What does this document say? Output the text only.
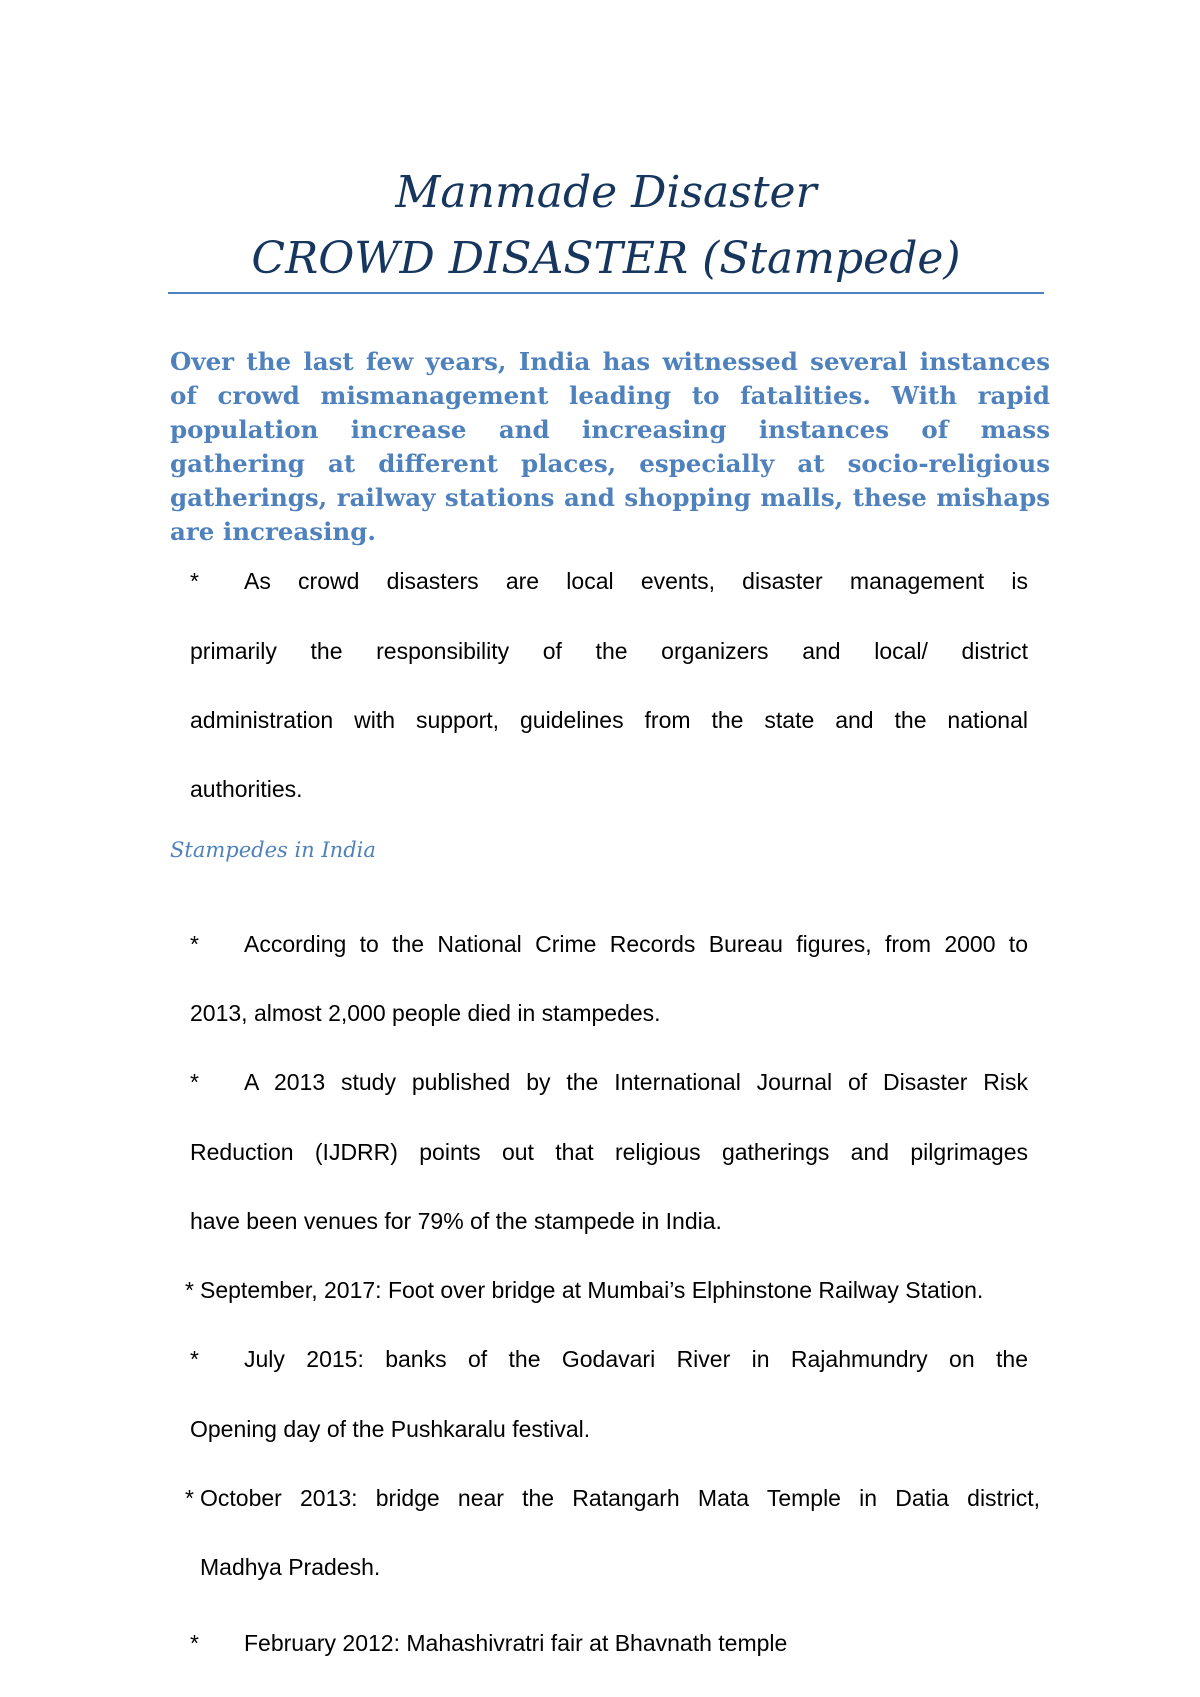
Manmade Disaster
CROWD DISASTER (Stampede)

Over the last few years, India has witnessed several instances of crowd mismanagement leading to fatalities. With rapid population increase and increasing instances of mass gathering at different places, especially at socio-religious gatherings, railway stations and shopping malls, these mishaps are increasing.

*	As crowd disasters are local events, disaster management is
primarily the responsibility of the organizers and local/ district
administration with support, guidelines from the state and the national
authorities.

Stampedes in India

*	According to the National Crime Records Bureau figures, from 2000 to
2013, almost 2,000 people died in stampedes.
*	A 2013 study published by the International Journal of Disaster Risk
Reduction (IJDRR) points out that religious gatherings and pilgrimages
have been venues for 79% of the stampede in India.
* September, 2017: Foot over bridge at Mumbai’s Elphinstone Railway Station.
*	July 2015: banks of the Godavari River in Rajahmundry on the
Opening day of the Pushkaralu festival.
* October 2013: bridge near the Ratangarh Mata Temple in Datia district,
Madhya Pradesh.
*	February 2012: Mahashivratri fair at Bhavnath temple
